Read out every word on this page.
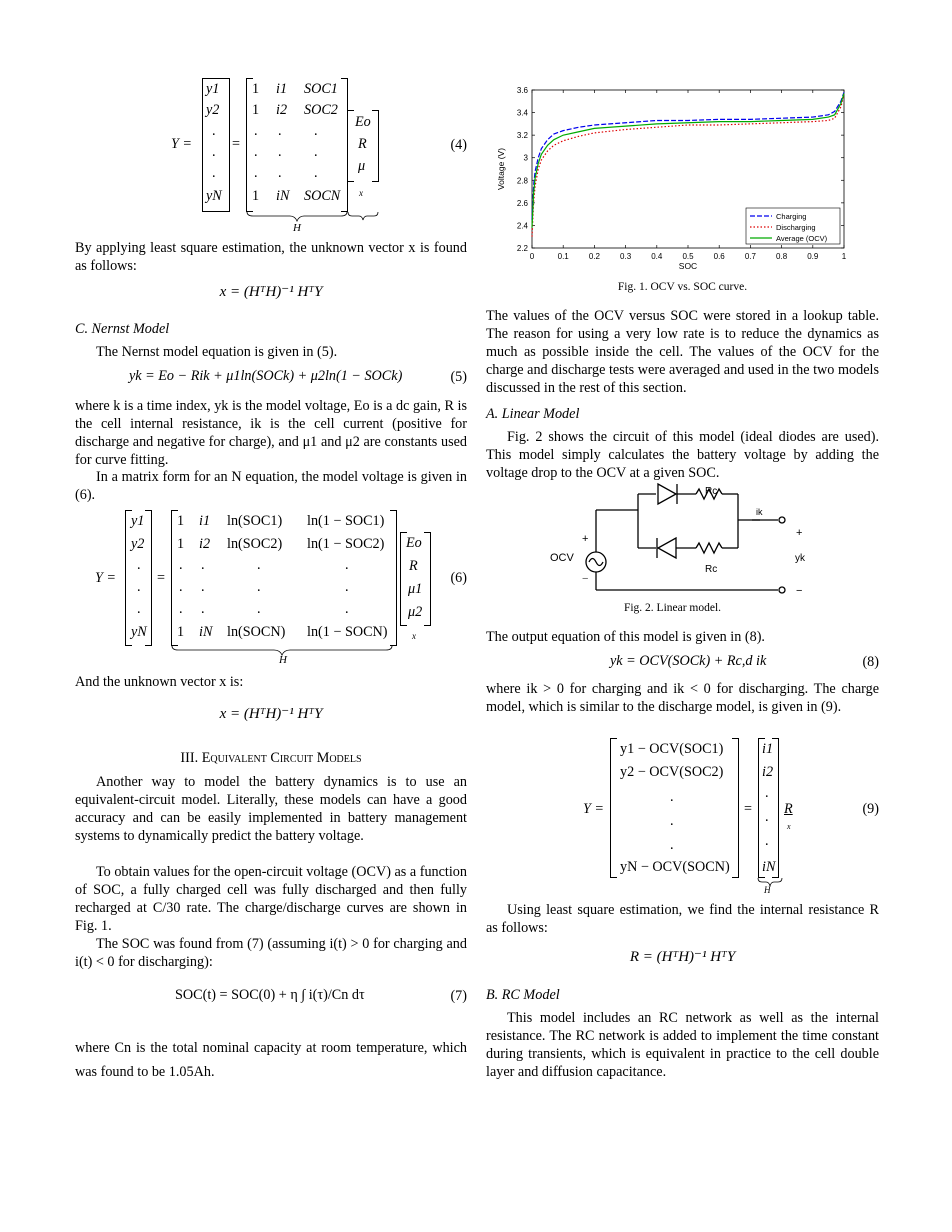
Y =
y1
y2
.
.
.
yN
=
1 i1 SOC1
1 i2 SOC2
. . .
. . .
. . .
1 iN SOCN
Eo
R
μ
H
x
(4)

By applying least square estimation, the unknown vector x is found as follows:

x = (HᵀH)⁻¹ HᵀY
C. Nernst Model

The Nernst model equation is given in (5).

yk = Eo − Rik + μ1ln(SOCk) + μ2ln(1 − SOCk)	(5)

where k is a time index, yk is the model voltage, Eo is a dc gain, R is the cell internal resistance, ik is the cell current (positive for discharge and negative for charge), and μ1 and μ2 are constants used for curve fitting.

In a matrix form for an N equation, the model voltage is given in (6).

Y =
y1
y2
.
.
.
yN
=
1 i1 ln(SOC1) ln(1 − SOC1)
1 i2 ln(SOC2) ln(1 − SOC2)
. .	.	.
. .	.	.
. .	.	.
1 iN ln(SOCN) ln(1 − SOCN)
Eo
R
μ1
μ2
H
x
(6)

And the unknown vector x is:

x = (HᵀH)⁻¹ HᵀY
III. Equivalent Circuit Models

Another way to model the battery dynamics is to use an equivalent-circuit model. Literally, these models can have a good accuracy and can be easily implemented in battery management systems to dynamically predict the battery voltage.

To obtain values for the open-circuit voltage (OCV) as a function of SOC, a fully charged cell was fully discharged and then fully recharged at C/30 rate. The charge/discharge curves are shown in Fig. 1.

The SOC was found from (7) (assuming i(t) > 0 for charging and i(t) < 0 for discharging):

SOC(t) = SOC(0) + η ∫ i(τ)/Cn dτ	(7)

where Cn is the total nominal capacity at room temperature, which was found to be 1.05Ah.

0	0.1	0.2	0.3	0.4	0.5	0.6	0.7	0.8	0.9	1
2.2
2.4
2.6
2.8
3
3.2
3.4
3.6
SOC
Voltage (V)
Charging
Discharging
Average (OCV)
Fig. 1. OCV vs. SOC curve.

The values of the OCV versus SOC were stored in a lookup table. The reason for using a very low rate is to reduce the dynamics as much as possible inside the cell. The values of the OCV for the charge and discharge tests were averaged and used in the two models discussed in the rest of this section.

A. Linear Model

Fig. 2 shows the circuit of this model (ideal diodes are used). This model simply calculates the battery voltage by adding the voltage drop to the OCV at a given SOC.

Rc
Rc
ik
yk
OCV
+
−
+
−
Fig. 2. Linear model.

The output equation of this model is given in (8).

yk = OCV(SOCk) + Rc,d ik	(8)

where ik > 0 for charging and ik < 0 for discharging. The charge model, which is similar to the discharge model, is given in (9).

Y =
y1 − OCV(SOC1)
y2 − OCV(SOC2)
.
.
.
yN − OCV(SOCN)
=
i1
i2
.
.
.
iN
R
x
H
(9)

Using least square estimation, we find the internal resistance R as follows:

R = (HᵀH)⁻¹ HᵀY
B. RC Model

This model includes an RC network as well as the internal resistance. The RC network is added to implement the time constant during transients, which is equivalent in practice to the cell double layer and diffusion capacitance.
